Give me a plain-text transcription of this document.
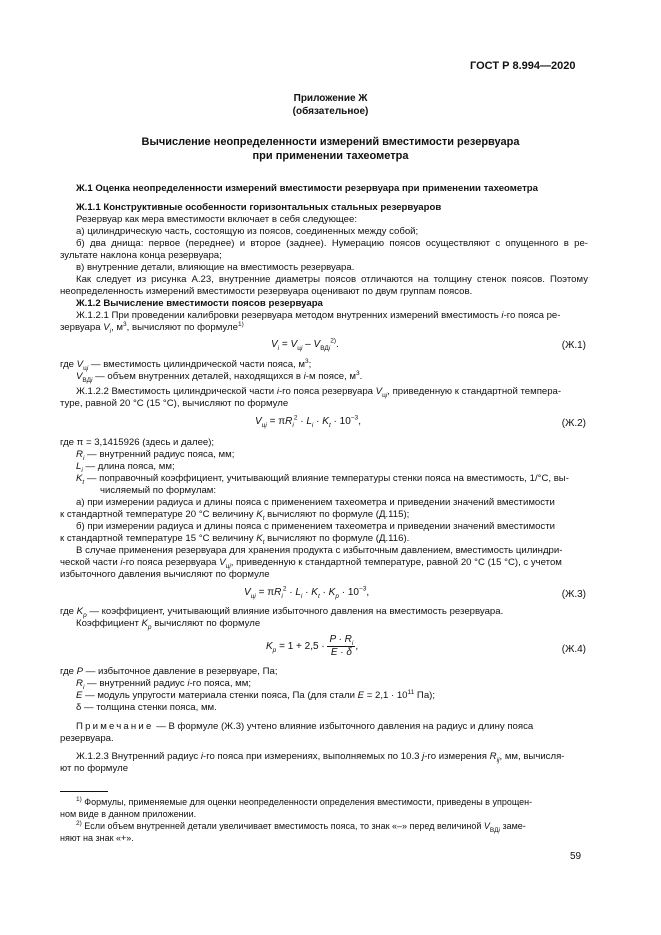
ГОСТ Р 8.994—2020
Приложение Ж
(обязательное)
Вычисление неопределенности измерений вместимости резервуара
при применении тахеометра
Ж.1 Оценка неопределенности измерений вместимости резервуара при применении тахеометра
Ж.1.1 Конструктивные особенности горизонтальных стальных резервуаров
Резервуар как мера вместимости включает в себя следующее:
а) цилиндрическую часть, состоящую из поясов, соединенных между собой;
б) два днища: первое (переднее) и второе (заднее). Нумерацию поясов осуществляют с опущенного в ре-зультате наклона конца резервуара;
в) внутренние детали, влияющие на вместимость резервуара.
Как следует из рисунка А.23, внутренние диаметры поясов отличаются на толщину стенок поясов. Поэтому неопределенность измерений вместимости резервуара оценивают по двум группам поясов.
Ж.1.2 Вычисление вместимости поясов резервуара
Ж.1.2.1 При проведении калибровки резервуара методом внутренних измерений вместимость i-го пояса ре-
зервуара $V_i$, $м^3$, вычисляют по формуле$^{1)}$
$V_i = V_{цi} - V_{ВДi}^{2)}$.	(Ж.1)
где $V_{цi}$ — вместимость цилиндрической части пояса, $м^3$;
$V_{ВДi}$ — объем внутренних деталей, находящихся в i-м поясе, $м^3$.
Ж.1.2.2 Вместимость цилиндрической части i-го пояса резервуара $V_{цi}$, приведенную к стандартной темпера-
туре, равной 20 °С (15 °С), вычисляют по формуле
$V_{цi} = \pi R_i^2 \cdot L_i \cdot K_t \cdot 10^{-3}$,	(Ж.2)
где π = 3,1415926 (здесь и далее);
$R_i$ — внутренний радиус пояса, мм;
$L_i$ — длина пояса, мм;
$K_t$ — поправочный коэффициент, учитывающий влияние температуры стенки пояса на вместимость, 1/°С, вы-
числяемый по формулам:
а) при измерении радиуса и длины пояса с применением тахеометра и приведении значений вместимости
к стандартной температуре 20 °С величину $K_t$ вычисляют по формуле (Д.115);
б) при измерении радиуса и длины пояса с применением тахеометра и приведении значений вместимости
к стандартной температуре 15 °С величину $K_t$ вычисляют по формуле (Д.116).
В случае применения резервуара для хранения продукта с избыточным давлением, вместимость цилиндри-
ческой части i-го пояса резервуара $V_{цi}$, приведенную к стандартной температуре, равной 20 °С (15 °С), с учетом
избыточного давления вычисляют по формуле
$V_{цi} = \pi R_i^2 \cdot L_i \cdot K_t \cdot K_p \cdot 10^{-3}$,	(Ж.3)
где $K_p$ — коэффициент, учитывающий влияние избыточного давления на вместимость резервуара.
Коэффициент $K_p$ вычисляют по формуле
$K_p = 1 + 2,5 \cdot \frac{P \cdot R_i}{E \cdot \delta}$ ,	(Ж.4)
где P — избыточное давление в резервуаре, Па;
$R_i$ — внутренний радиус i-го пояса, мм;
E — модуль упругости материала стенки пояса, Па (для стали $E = 2,1 \cdot 10^{11}$ Па);
δ — толщина стенки пояса, мм.
Примечание — В формуле (Ж.3) учтено влияние избыточного давления на радиус и длину пояса
резервуара.
Ж.1.2.3 Внутренний радиус i-го пояса при измерениях, выполняемых по 10.3 j-го измерения $R_{ij}$, мм, вычисля-
ют по формуле
$^{1)}$ Формулы, применяемые для оценки неопределенности определения вместимости, приведены в упрощен-
ном виде в данном приложении.
$^{2)}$ Если объем внутренней детали увеличивает вместимость пояса, то знак «–» перед величиной $V_{ВДi}$ заме-
няют на знак «+».
59
